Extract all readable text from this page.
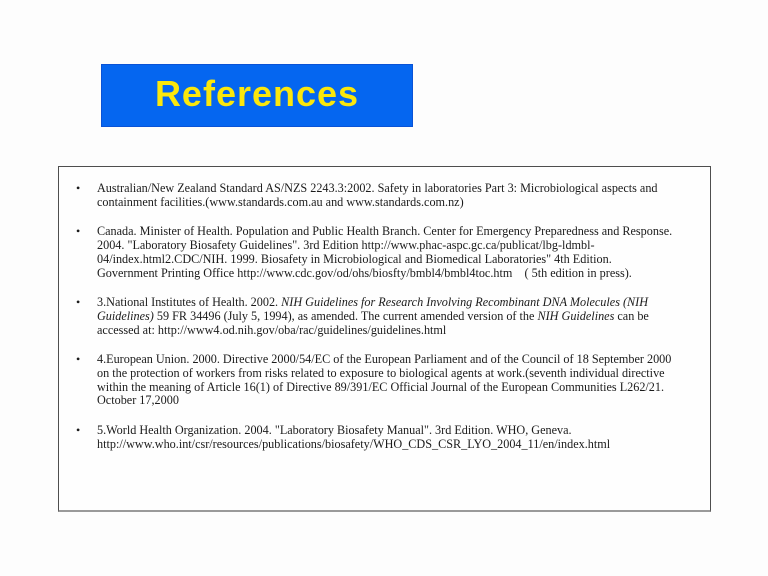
References
• Australian/New Zealand Standard AS/NZS 2243.3:2002. Safety in laboratories Part 3: Microbiological aspects and
containment facilities.(www.standards.com.au and www.standards.com.nz)
• Canada. Minister of Health. Population and Public Health Branch. Center for Emergency Preparedness and Response.
2004. "Laboratory Biosafety Guidelines". 3rd Edition http://www.phac-aspc.gc.ca/publicat/lbg-ldmbl-
04/index.html2.CDC/NIH. 1999. Biosafety in Microbiological and Biomedical Laboratories" 4th Edition.
Government Printing Office http://www.cdc.gov/od/ohs/biosfty/bmbl4/bmbl4toc.htm    ( 5th edition in press).
• 3.National Institutes of Health. 2002. NIH Guidelines for Research Involving Recombinant DNA Molecules (NIH
Guidelines) 59 FR 34496 (July 5, 1994), as amended. The current amended version of the NIH Guidelines can be
accessed at: http://www4.od.nih.gov/oba/rac/guidelines/guidelines.html
• 4.European Union. 2000. Directive 2000/54/EC of the European Parliament and of the Council of 18 September 2000
on the protection of workers from risks related to exposure to biological agents at work.(seventh individual directive
within the meaning of Article 16(1) of Directive 89/391/EC Official Journal of the European Communities L262/21.
October 17,2000
• 5.World Health Organization. 2004. "Laboratory Biosafety Manual". 3rd Edition. WHO, Geneva.
http://www.who.int/csr/resources/publications/biosafety/WHO_CDS_CSR_LYO_2004_11/en/index.html
